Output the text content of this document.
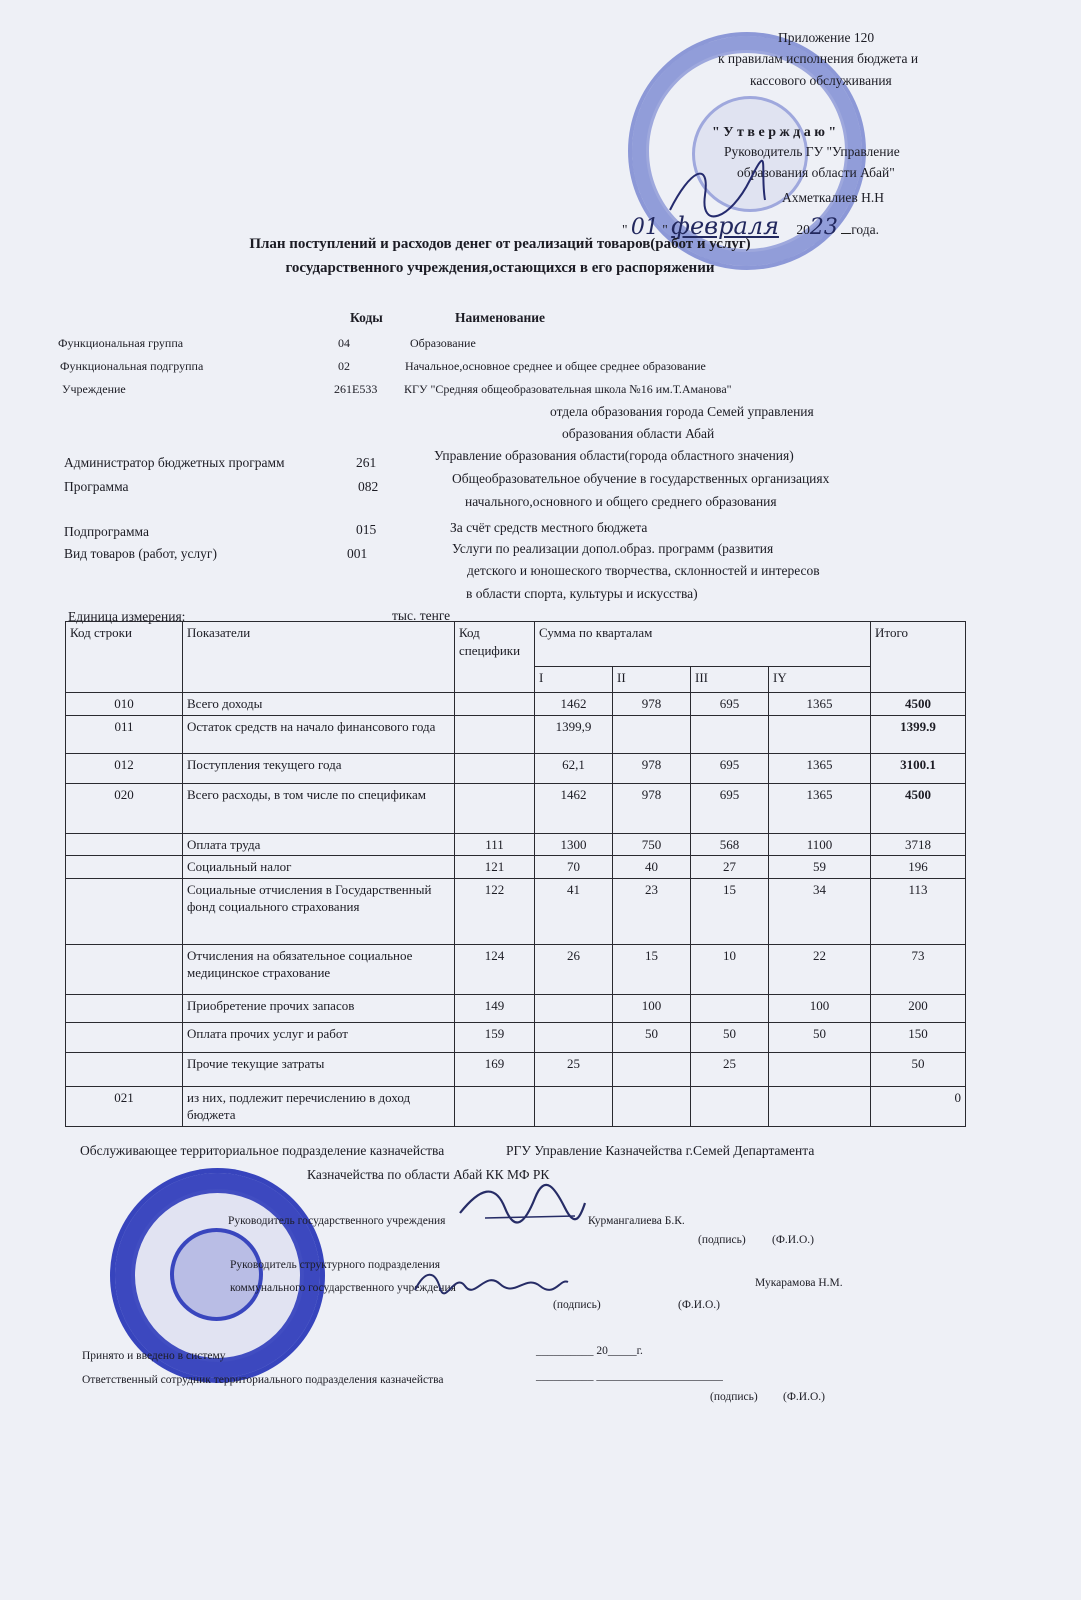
Приложение 120
к правилам исполнения бюджета и
кассового обслуживания
" У т в е р ж д а ю "
Руководитель ГУ "Управление
образования области Абай"
Ахметкалиев Н.Н
" 01 " февраля 2023 года.
План поступлений и расходов денег от реализаций товаров(работ и услуг)
государственного учреждения,остающихся в его распоряжении
Коды	Наименование
Функциональная группа	04	Образование
Функциональная подгруппа	02	Начальное,основное среднее и общее среднее образование
Учреждение	261Е533 КГУ "Средняя общеобразовательная школа №16 им.Т.Аманова"
отдела образования города Семей управления
образования области Абай
Администратор бюджетных программ	261	Управление образования области(города областного значения)
Программа	082
Общеобразовательное обучение в государственных организациях
начального,основного и общего среднего образования
Подпрограмма	015	За счёт средств местного бюджета
Вид товаров (работ, услуг)	001	Услуги по реализации допол.образ. программ (развития
детского и юношеского творчества, склонностей и интересов
в области спорта, культуры и искусства)
Единица измерения:	тыс. тенге
Код строки	Показатели	Код специфики	Сумма по кварталам				Итого
			I	II	III	IY	
010	Всего доходы		1462	978	695	1365	4500
011	Остаток средств на начало финансового года		1399,9				1399.9
012	Поступления текущего года		62,1	978	695	1365	3100.1
020	Всего расходы, в том числе по спецификам		1462	978	695	1365	4500
	Оплата труда	111	1300	750	568	1100	3718
	Социальный налог	121	70	40	27	59	196
	Социальные отчисления в Государственный фонд социального страхования	122	41	23	15	34	113
	Отчисления на обязательное социальное медицинское страхование	124	26	15	10	22	73
	Приобретение прочих запасов	149		100		100	200
	Оплата прочих услуг и работ	159		50	50	50	150
	Прочие текущие затраты	169	25		25		50
021	из них, подлежит перечислению в доход бюджета						0
Обслуживающее территориальное подразделение казначейства	РГУ Управление Казначейства г.Семей Департамента
Казначейства по области Абай КК МФ РК
Руководитель государственного учреждения	Курмангалиева Б.К.
(подпись) (Ф.И.О.)
Руководитель структурного подразделения
коммунального государственного учреждения	Мукарамова Н.М.
(подпись)	(Ф.И.О.)
Принято и введено в систему	__________ 20_____г.
Ответственный сотрудник территориального подразделения казначейства	__________ ______________________
(подпись) (Ф.И.О.)
